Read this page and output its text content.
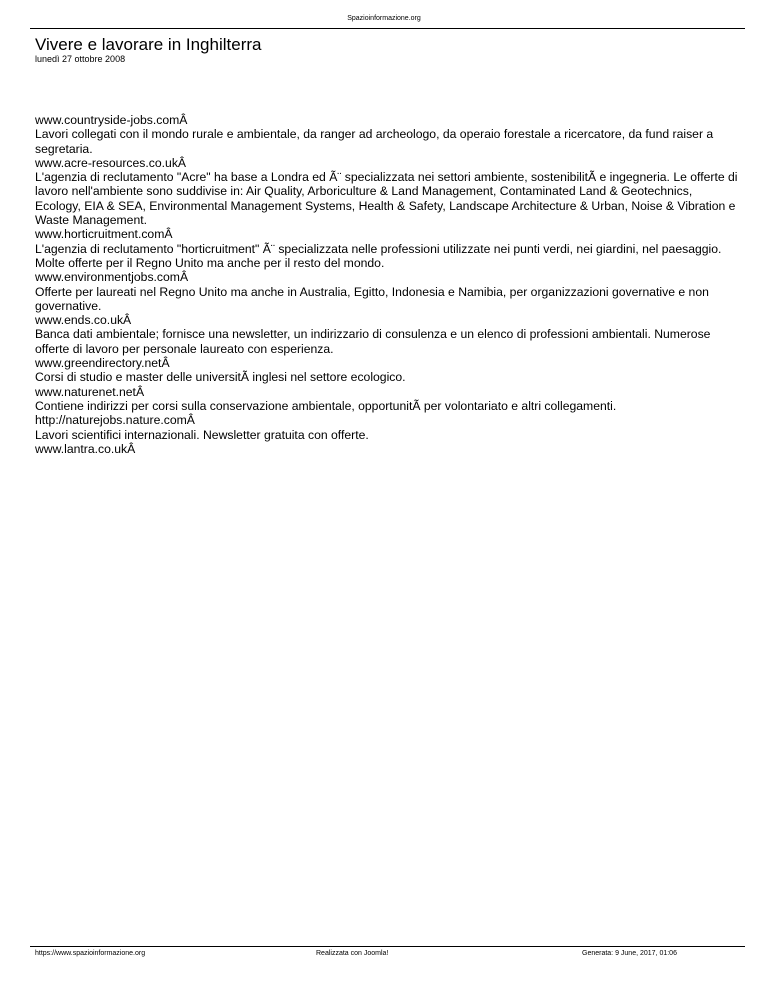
Spazioinformazione.org
Vivere e lavorare in Inghilterra
lunedì 27 ottobre 2008
www.countryside-jobs.comÂ
Lavori collegati con il mondo rurale e ambientale, da ranger ad archeologo, da operaio forestale a ricercatore, da fund raiser a segretaria.
www.acre-resources.co.ukÂ
L'agenzia di reclutamento "Acre" ha base a Londra ed Ã¨ specializzata nei settori ambiente, sostenibilitÃ e ingegneria. Le offerte di lavoro nell'ambiente sono suddivise in: Air Quality, Arboriculture & Land Management, Contaminated Land & Geotechnics, Ecology, EIA & SEA, Environmental Management Systems, Health & Safety, Landscape Architecture & Urban, Noise & Vibration e Waste Management.
www.horticruitment.comÂ
L'agenzia di reclutamento "horticruitment" Ã¨ specializzata nelle professioni utilizzate nei punti verdi, nei giardini, nel paesaggio. Molte offerte per il Regno Unito ma anche per il resto del mondo.
www.environmentjobs.comÂ
Offerte per laureati nel Regno Unito ma anche in Australia, Egitto, Indonesia e Namibia, per organizzazioni governative e non governative.
www.ends.co.ukÂ
Banca dati ambientale; fornisce una newsletter, un indirizzario di consulenza e un elenco di professioni ambientali. Numerose offerte di lavoro per personale laureato con esperienza.
www.greendirectory.netÂ
Corsi di studio e master delle universitÃ inglesi nel settore ecologico.
www.naturenet.netÂ
Contiene indirizzi per corsi sulla conservazione ambientale, opportunitÃ per volontariato e altri collegamenti.
http://naturejobs.nature.comÂ
Lavori scientifici internazionali. Newsletter gratuita con offerte.
www.lantra.co.ukÂ
https://www.spazioinformazione.org	Realizzata con Joomla!	Generata: 9 June, 2017, 01:06
